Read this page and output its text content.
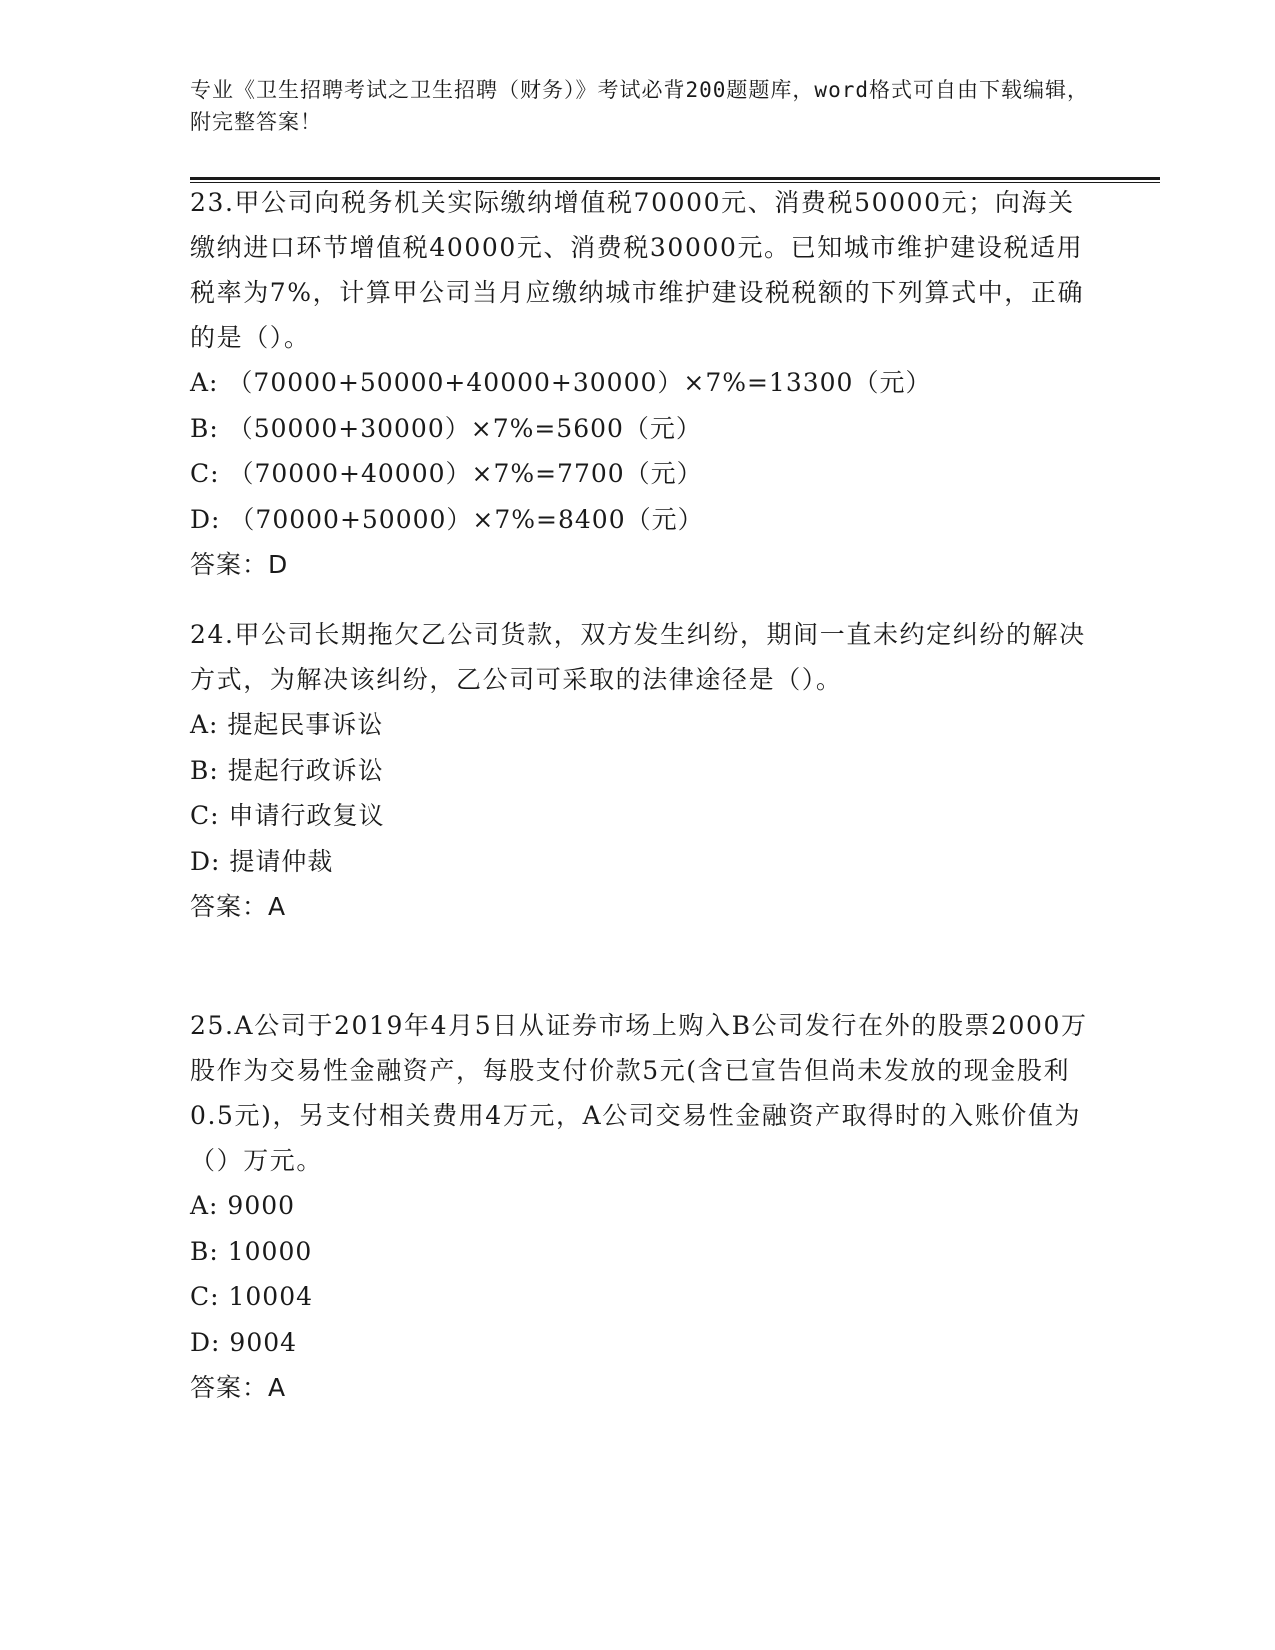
专业《卫生招聘考试之卫生招聘（财务）》考试必背200题题库，word格式可自由下载编辑，附完整答案！

23.甲公司向税务机关实际缴纳增值税70000元、消费税50000元；向海关缴纳进口环节增值税40000元、消费税30000元。已知城市维护建设税适用税率为7%，计算甲公司当月应缴纳城市维护建设税税额的下列算式中，正确的是（）。

A: （70000+50000+40000+30000）×7%=13300（元）

B: （50000+30000）×7%=5600（元）

C: （70000+40000）×7%=7700（元）

D: （70000+50000）×7%=8400（元）

答案：D

24.甲公司长期拖欠乙公司货款，双方发生纠纷，期间一直未约定纠纷的解决方式，为解决该纠纷，乙公司可采取的法律途径是（）。

A: 提起民事诉讼

B: 提起行政诉讼

C: 申请行政复议

D: 提请仲裁

答案：A

25.A公司于2019年4月5日从证券市场上购入B公司发行在外的股票2000万股作为交易性金融资产，每股支付价款5元(含已宣告但尚未发放的现金股利0.5元)，另支付相关费用4万元，A公司交易性金融资产取得时的入账价值为（）万元。

A: 9000

B: 10000

C: 10004

D: 9004

答案：A
